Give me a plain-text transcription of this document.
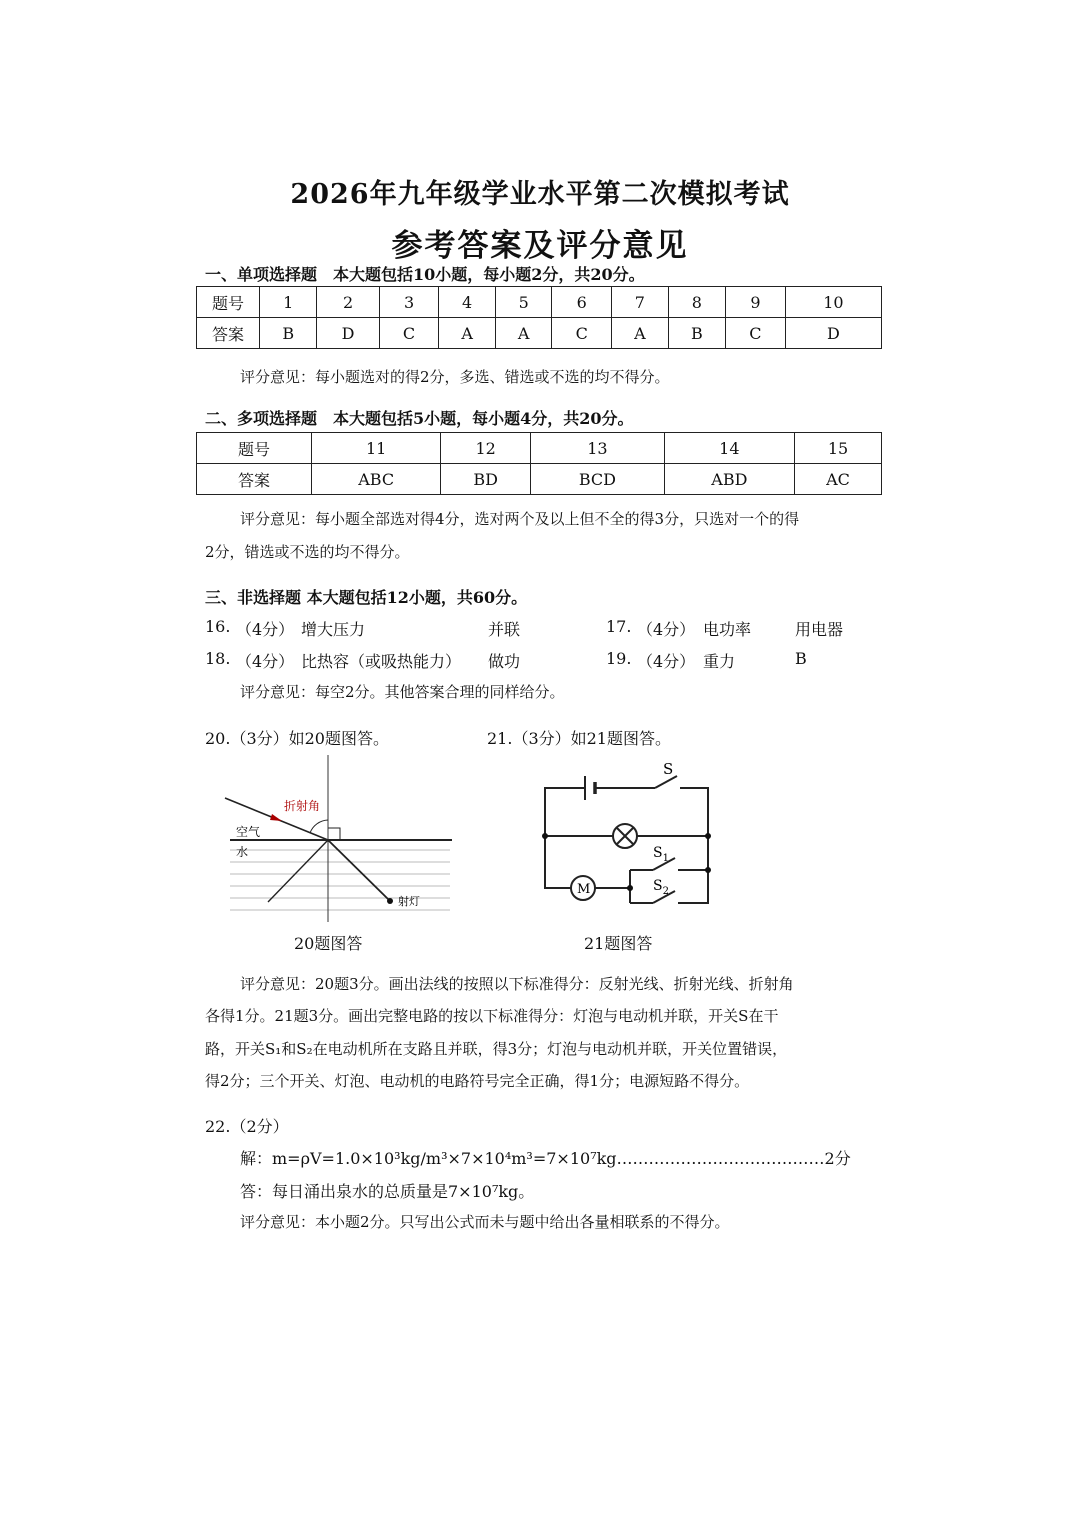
2026年九年级学业水平第二次模拟考试
参考答案及评分意见
一、单项选择题　本大题包括10小题，每小题2分，共20分。
题号	1	2	3	4	5	6	7	8	9	10
答案	B	D	C	A	A	C	A	B	C	D
评分意见：每小题选对的得2分，多选、错选或不选的均不得分。
二、多项选择题　本大题包括5小题，每小题4分，共20分。
题号	11	12	13	14	15
答案	ABC	BD	BCD	ABD	AC
评分意见：每小题全部选对得4分，选对两个及以上但不全的得3分，只选对一个的得
2分，错选或不选的均不得分。
三、非选择题 本大题包括12小题，共60分。
16. （4分） 增大压力	并联	17. （4分） 电功率	用电器
18. （4分） 比热容（或吸热能力） 做功	19. （4分） 重力	B
评分意见：每空2分。其他答案合理的同样给分。
20.（3分）如20题图答。	21.（3分）如21题图答。
折射角
空气
水
射灯
20题图答
S
$S_1$
$S_2$
M
21题图答
评分意见：20题3分。画出法线的按照以下标准得分：反射光线、折射光线、折射角
各得1分。21题3分。画出完整电路的按以下标准得分：灯泡与电动机并联，开关S在干
路，开关S₁和S₂在电动机所在支路且并联，得3分；灯泡与电动机并联，开关位置错误，
得2分；三个开关、灯泡、电动机的电路符号完全正确，得1分；电源短路不得分。
22.（2分）
解：m=ρV=1.0×10³kg/m³×7×10⁴m³=7×10⁷kg…………………………………2分
答：每日涌出泉水的总质量是7×10⁷kg。
评分意见：本小题2分。只写出公式而未与题中给出各量相联系的不得分。
